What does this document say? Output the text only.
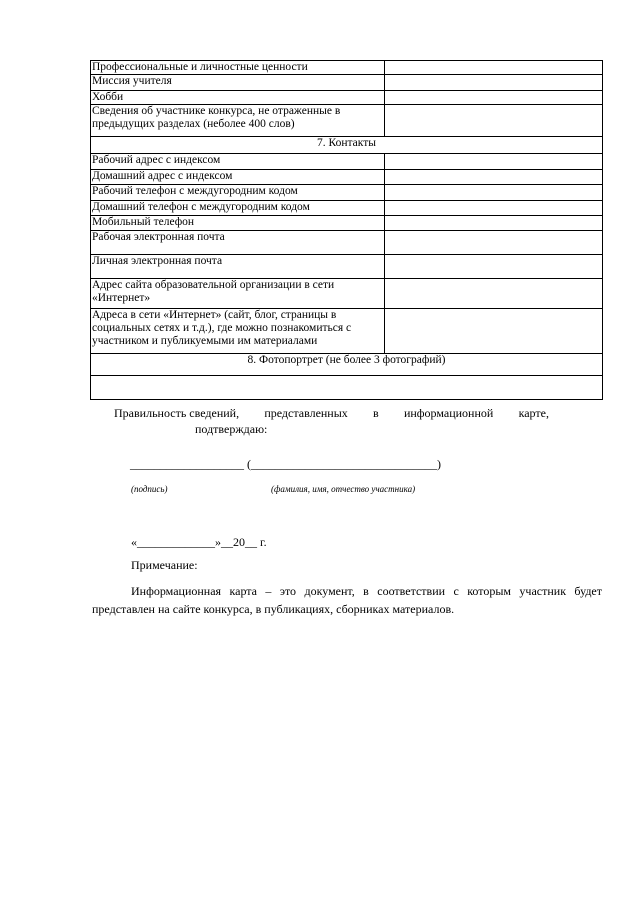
Профессиональные и личностные ценности	
Миссия учителя	
Хобби	
Сведения об участнике конкурса, не отраженные в предыдущих разделах (неболее 400 слов)	
7. Контакты	
Рабочий адрес с индексом	
Домашний адрес с индексом	
Рабочий телефон с междугородним кодом	
Домашний телефон с междугородним кодом	
Мобильный телефон	
Рабочая электронная почта	
Личная электронная почта	
Адрес сайта образовательной организации в сети «Интернет»	
Адреса в сети «Интернет» (сайт, блог, страницы в социальных сетях и т.д.), где можно познакомиться с участником и публикуемыми им материалами	
8. Фотопортрет (не более 3 фотографий)	

Правильность сведений, представленных в информационной карте,
подтверждаю:
___________________ (_______________________________)
(подпись)	(фамилия, имя, отчество участника)
«_____________»__20__ г.
Примечание:
Информационная карта – это документ, в соответствии с которым участник будет представлен на сайте конкурса, в публикациях, сборниках материалов.
